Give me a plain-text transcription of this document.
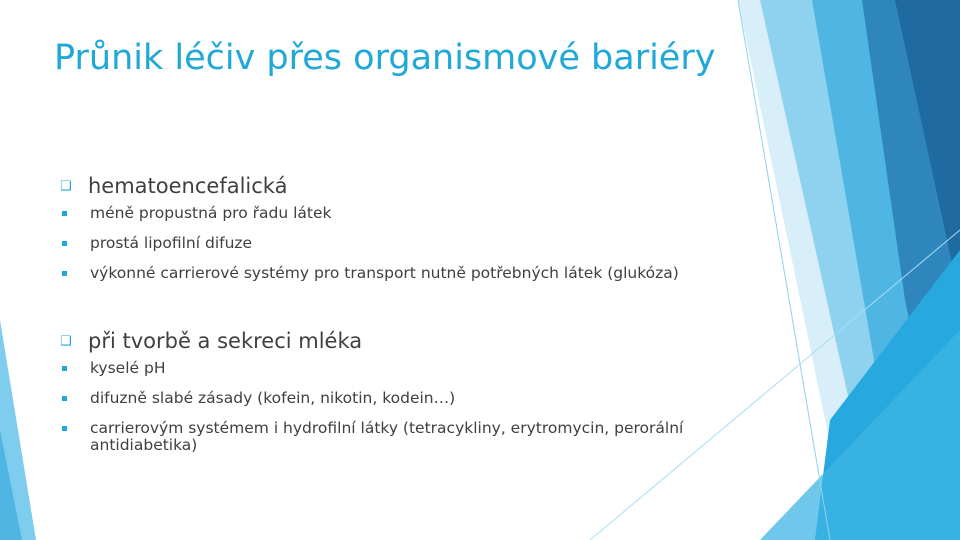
Průnik léčiv přes organismové bariéry
❑ hematoencefalická
méně propustná pro řadu látek
prostá lipofilní difuze
výkonné carrierové systémy pro transport nutně potřebných látek (glukóza)
❑ při tvorbě a sekreci mléka
kyselé pH
difuzně slabé zásady (kofein, nikotin, kodein…)
carrierovým systémem i hydrofilní látky (tetracykliny, erytromycin, perorální antidiabetika)
